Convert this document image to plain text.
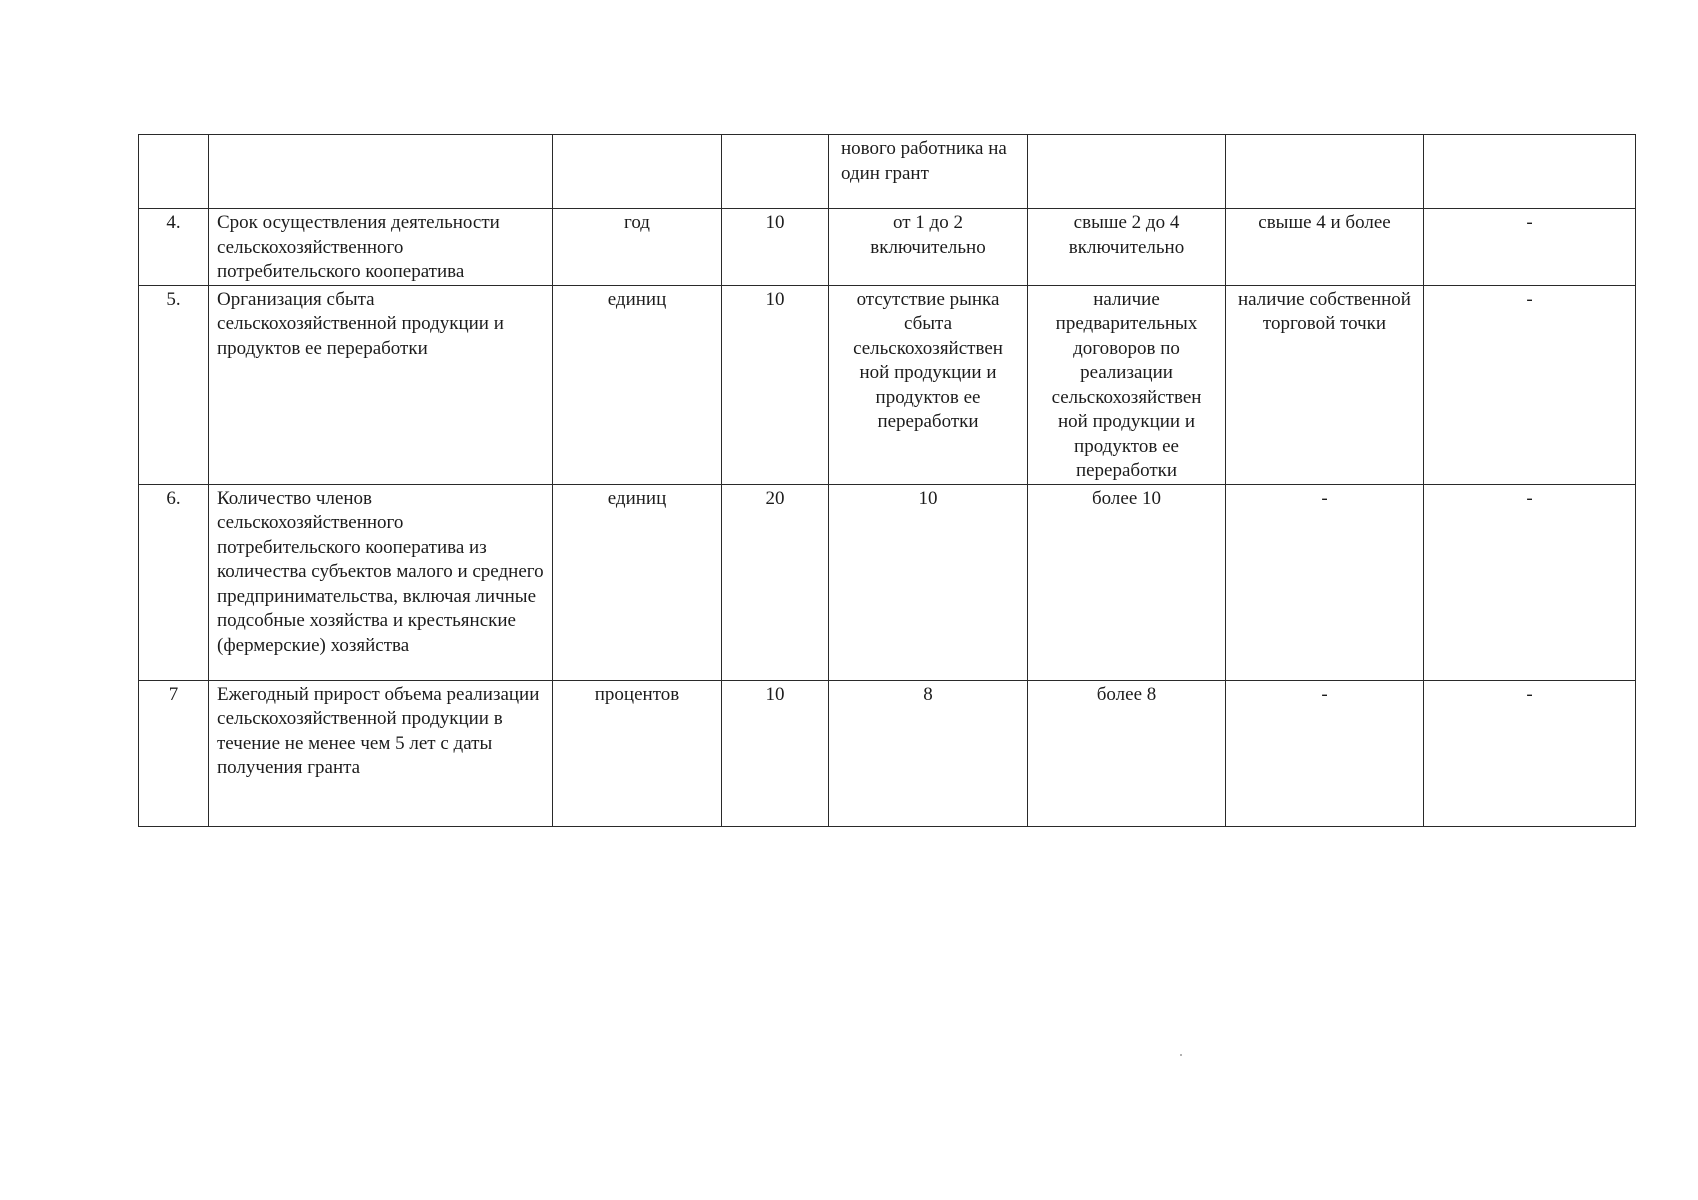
				нового работника на один грант			
4.	Срок осуществления деятельности сельскохозяйственного потребительского кооператива	год	10	от 1 до 2 включительно	свыше 2 до 4 включительно	свыше 4 и более	-
5.	Организация сбыта сельскохозяйственной продукции и продуктов ее переработки	единиц	10	отсутствие рынка сбыта сельскохозяйствен ной продукции и продуктов ее переработки	наличие предварительных договоров по реализации сельскохозяйствен ной продукции и продуктов ее переработки	наличие собственной торговой точки	-
6.	Количество членов сельскохозяйственного потребительского кооператива из количества субъектов малого и среднего предпринимательства, включая личные подсобные хозяйства и крестьянские (фермерские) хозяйства	единиц	20	10	более 10	-	-
7	Ежегодный прирост объема реализации сельскохозяйственной продукции в течение не менее чем 5 лет с даты получения гранта	процентов	10	8	более 8	-	-
